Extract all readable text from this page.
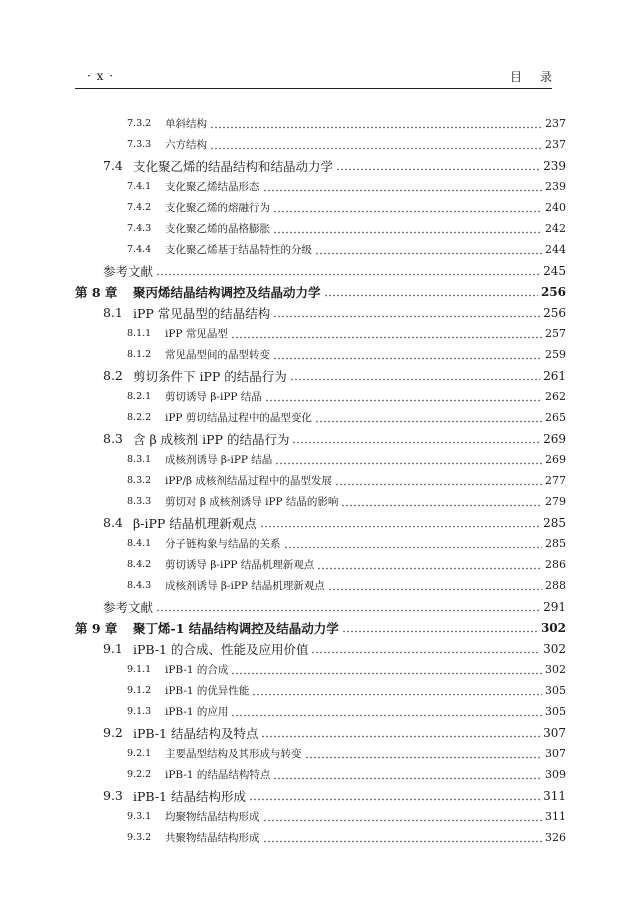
· x ·	目录
7.3.2	单斜结构	237
7.3.3	六方结构	237
7.4 支化聚乙烯的结晶结构和结晶动力学	239
7.4.1	支化聚乙烯结晶形态	239
7.4.2	支化聚乙烯的熔融行为	240
7.4.3	支化聚乙烯的晶格膨胀	242
7.4.4	支化聚乙烯基于结晶特性的分级	244
参考文献	245
第 8 章	聚丙烯结晶结构调控及结晶动力学	256
8.1 iPP 常见晶型的结晶结构	256
8.1.1	iPP 常见晶型	257
8.1.2	常见晶型间的晶型转变	259
8.2 剪切条件下 iPP 的结晶行为	261
8.2.1	剪切诱导 β-iPP 结晶	262
8.2.2	iPP 剪切结晶过程中的晶型变化	265
8.3 含 β 成核剂 iPP 的结晶行为	269
8.3.1	成核剂诱导 β-iPP 结晶	269
8.3.2	iPP/β 成核剂结晶过程中的晶型发展	277
8.3.3	剪切对 β 成核剂诱导 iPP 结晶的影响	279
8.4 β-iPP 结晶机理新观点	285
8.4.1	分子链构象与结晶的关系	285
8.4.2	剪切诱导 β-iPP 结晶机理新观点	286
8.4.3	成核剂诱导 β-iPP 结晶机理新观点	288
参考文献	291
第 9 章	聚丁烯-1 结晶结构调控及结晶动力学	302
9.1 iPB-1 的合成、性能及应用价值	302
9.1.1	iPB-1 的合成	302
9.1.2	iPB-1 的优异性能	305
9.1.3	iPB-1 的应用	305
9.2 iPB-1 结晶结构及特点	307
9.2.1	主要晶型结构及其形成与转变	307
9.2.2	iPB-1 的结晶结构特点	309
9.3 iPB-1 结晶结构形成	311
9.3.1	均聚物结晶结构形成	311
9.3.2	共聚物结晶结构形成	326
